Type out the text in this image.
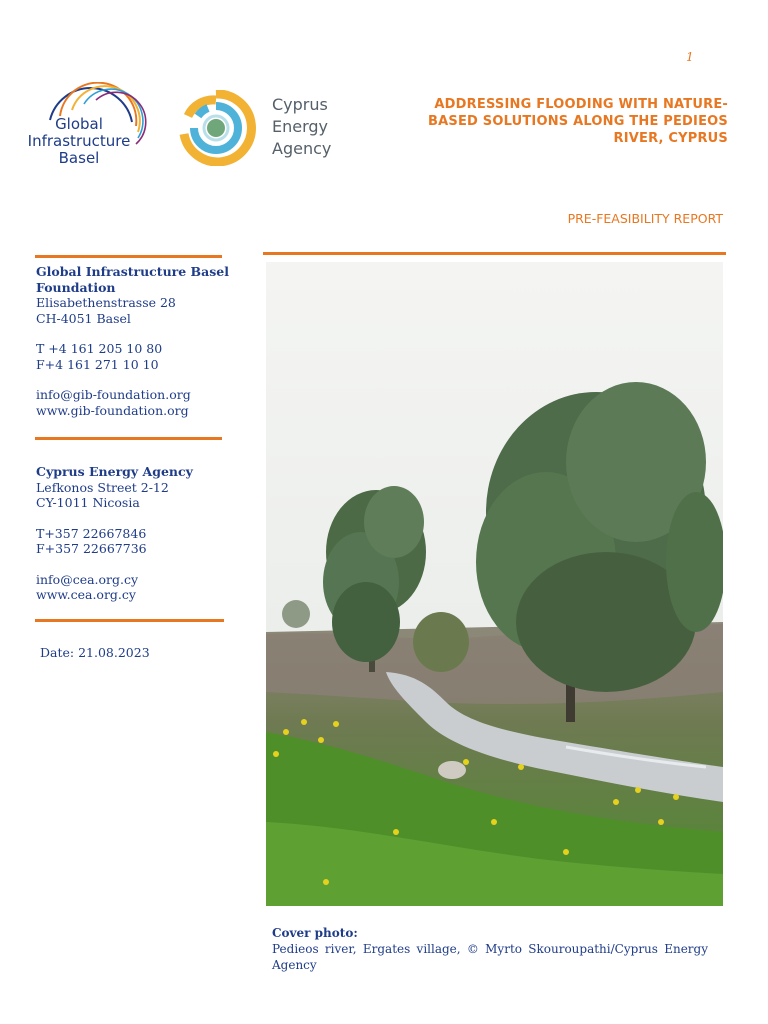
1
Global
Infrastructure
Basel
Cyprus
Energy
Agency
ADDRESSING FLOODING WITH NATURE-
BASED SOLUTIONS ALONG THE PEDIEOS
RIVER, CYPRUS
PRE-FEASIBILITY REPORT
Global Infrastructure Basel
Foundation
Elisabethenstrasse 28
CH-4051 Basel
T +4 161 205 10 80
F+4 161 271 10 10
info@gib-foundation.org
www.gib-foundation.org
Cyprus Energy Agency
Lefkonos Street 2-12
CY-1011 Nicosia
T+357 22667846
F+357 22667736
info@cea.org.cy
www.cea.org.cy
Date: 21.08.2023
Cover photo:
Pedieos river, Ergates village, © Myrto Skouroupathi/Cyprus Energy Agency
